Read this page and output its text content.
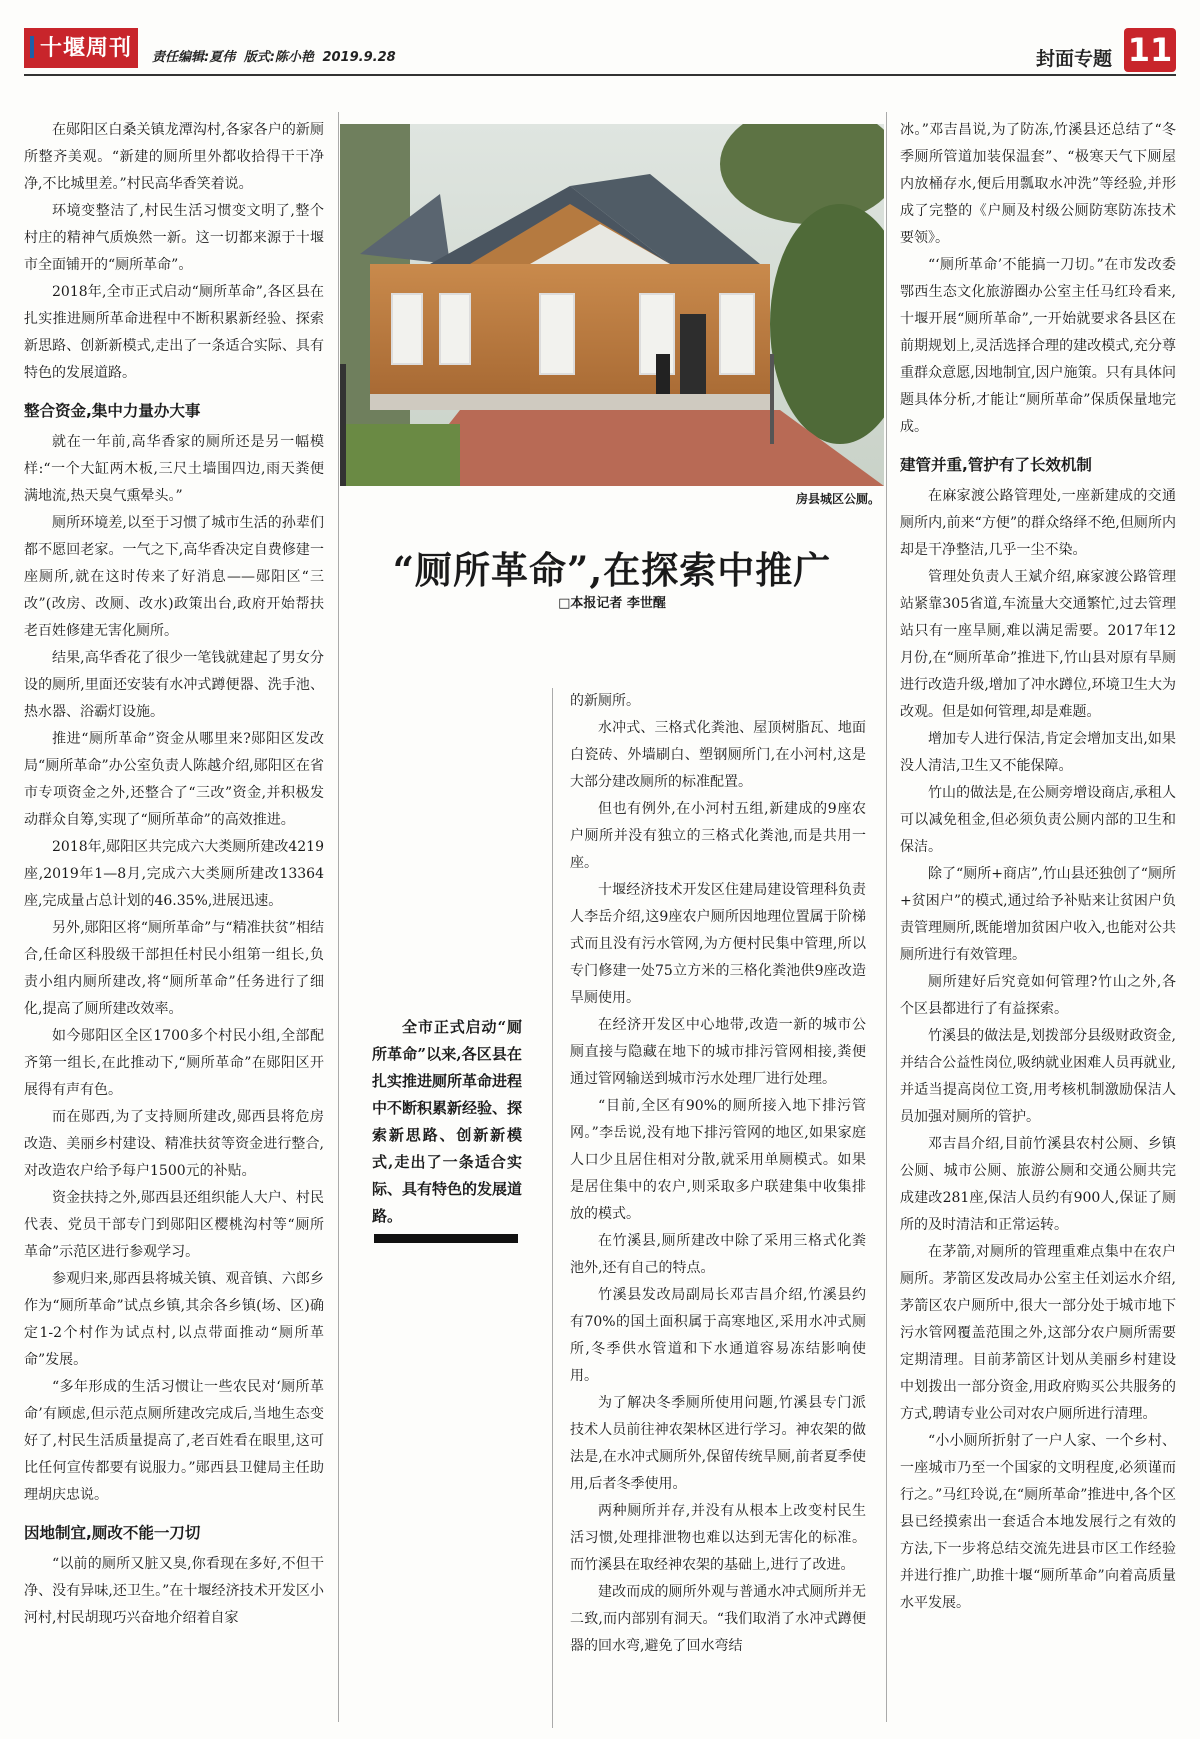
十堰周刊	责任编辑:夏伟 版式:陈小艳 2019.9.28	封面专题 11

在郧阳区白桑关镇龙潭沟村,各家各户的新厕所整齐美观。“新建的厕所里外都收拾得干干净净,不比城里差。”村民高华香笑着说。

环境变整洁了,村民生活习惯变文明了,整个村庄的精神气质焕然一新。这一切都来源于十堰市全面铺开的“厕所革命”。

2018年,全市正式启动“厕所革命”,各区县在扎实推进厕所革命进程中不断积累新经验、探索新思路、创新新模式,走出了一条适合实际、具有特色的发展道路。

整合资金,集中力量办大事

就在一年前,高华香家的厕所还是另一幅模样:“一个大缸两木板,三尺土墙围四边,雨天粪便满地流,热天臭气熏晕头。”

厕所环境差,以至于习惯了城市生活的孙辈们都不愿回老家。一气之下,高华香决定自费修建一座厕所,就在这时传来了好消息——郧阳区“三改”(改房、改厕、改水)政策出台,政府开始帮扶老百姓修建无害化厕所。

结果,高华香花了很少一笔钱就建起了男女分设的厕所,里面还安装有水冲式蹲便器、洗手池、热水器、浴霸灯设施。

推进“厕所革命”资金从哪里来?郧阳区发改局“厕所革命”办公室负责人陈越介绍,郧阳区在省市专项资金之外,还整合了“三改”资金,并积极发动群众自筹,实现了“厕所革命”的高效推进。

2018年,郧阳区共完成六大类厕所建改4219座,2019年1—8月,完成六大类厕所建改13364座,完成量占总计划的46.35%,进展迅速。

另外,郧阳区将“厕所革命”与“精准扶贫”相结合,任命区科股级干部担任村民小组第一组长,负责小组内厕所建改,将“厕所革命”任务进行了细化,提高了厕所建改效率。

如今郧阳区全区1700多个村民小组,全部配齐第一组长,在此推动下,“厕所革命”在郧阳区开展得有声有色。

而在郧西,为了支持厕所建改,郧西县将危房改造、美丽乡村建设、精准扶贫等资金进行整合,对改造农户给予每户1500元的补贴。

资金扶持之外,郧西县还组织能人大户、村民代表、党员干部专门到郧阳区樱桃沟村等“厕所革命”示范区进行参观学习。

参观归来,郧西县将城关镇、观音镇、六郎乡作为“厕所革命”试点乡镇,其余各乡镇(场、区)确定1-2个村作为试点村,以点带面推动“厕所革命”发展。

“多年形成的生活习惯让一些农民对‘厕所革命’有顾虑,但示范点厕所建改完成后,当地生态变好了,村民生活质量提高了,老百姓看在眼里,这可比任何宣传都要有说服力。”郧西县卫健局主任助理胡庆忠说。

因地制宜,厕改不能一刀切

“以前的厕所又脏又臭,你看现在多好,不但干净、没有异味,还卫生。”在十堰经济技术开发区小河村,村民胡现巧兴奋地介绍着自家

房县城区公厕。
“厕所革命”,在探索中推广
□本报记者 李世醒

全市正式启动“厕所革命”以来,各区县在扎实推进厕所革命进程中不断积累新经验、探索新思路、创新新模式,走出了一条适合实际、具有特色的发展道路。

的新厕所。

水冲式、三格式化粪池、屋顶树脂瓦、地面白瓷砖、外墙刷白、塑钢厕所门,在小河村,这是大部分建改厕所的标准配置。

但也有例外,在小河村五组,新建成的9座农户厕所并没有独立的三格式化粪池,而是共用一座。

十堰经济技术开发区住建局建设管理科负责人李岳介绍,这9座农户厕所因地理位置属于阶梯式而且没有污水管网,为方便村民集中管理,所以专门修建一处75立方米的三格化粪池供9座改造旱厕使用。

在经济开发区中心地带,改造一新的城市公厕直接与隐藏在地下的城市排污管网相接,粪便通过管网输送到城市污水处理厂进行处理。

“目前,全区有90%的厕所接入地下排污管网。”李岳说,没有地下排污管网的地区,如果家庭人口少且居住相对分散,就采用单厕模式。如果是居住集中的农户,则采取多户联建集中收集排放的模式。

在竹溪县,厕所建改中除了采用三格式化粪池外,还有自己的特点。

竹溪县发改局副局长邓吉昌介绍,竹溪县约有70%的国土面积属于高寒地区,采用水冲式厕所,冬季供水管道和下水通道容易冻结影响使用。

为了解决冬季厕所使用问题,竹溪县专门派技术人员前往神农架林区进行学习。神农架的做法是,在水冲式厕所外,保留传统旱厕,前者夏季使用,后者冬季使用。

两种厕所并存,并没有从根本上改变村民生活习惯,处理排泄物也难以达到无害化的标准。而竹溪县在取经神农架的基础上,进行了改进。

建改而成的厕所外观与普通水冲式厕所并无二致,而内部别有洞天。“我们取消了水冲式蹲便器的回水弯,避免了回水弯结

冰。”邓吉昌说,为了防冻,竹溪县还总结了“冬季厕所管道加装保温套”、“极寒天气下厕屋内放桶存水,便后用瓢取水冲洗”等经验,并形成了完整的《户厕及村级公厕防寒防冻技术要领》。

“‘厕所革命’不能搞一刀切。”在市发改委鄂西生态文化旅游圈办公室主任马红玲看来,十堰开展“厕所革命”,一开始就要求各县区在前期规划上,灵活选择合理的建改模式,充分尊重群众意愿,因地制宜,因户施策。只有具体问题具体分析,才能让“厕所革命”保质保量地完成。

建管并重,管护有了长效机制

在麻家渡公路管理处,一座新建成的交通厕所内,前来“方便”的群众络绎不绝,但厕所内却是干净整洁,几乎一尘不染。

管理处负责人王斌介绍,麻家渡公路管理站紧靠305省道,车流量大交通繁忙,过去管理站只有一座旱厕,难以满足需要。2017年12月份,在“厕所革命”推进下,竹山县对原有旱厕进行改造升级,增加了冲水蹲位,环境卫生大为改观。但是如何管理,却是难题。

增加专人进行保洁,肯定会增加支出,如果没人清洁,卫生又不能保障。

竹山的做法是,在公厕旁增设商店,承租人可以减免租金,但必须负责公厕内部的卫生和保洁。

除了“厕所+商店”,竹山县还独创了“厕所+贫困户”的模式,通过给予补贴来让贫困户负责管理厕所,既能增加贫困户收入,也能对公共厕所进行有效管理。

厕所建好后究竟如何管理?竹山之外,各个区县都进行了有益探索。

竹溪县的做法是,划拨部分县级财政资金,并结合公益性岗位,吸纳就业困难人员再就业,并适当提高岗位工资,用考核机制激励保洁人员加强对厕所的管护。

邓吉昌介绍,目前竹溪县农村公厕、乡镇公厕、城市公厕、旅游公厕和交通公厕共完成建改281座,保洁人员约有900人,保证了厕所的及时清洁和正常运转。

在茅箭,对厕所的管理重难点集中在农户厕所。茅箭区发改局办公室主任刘运水介绍,茅箭区农户厕所中,很大一部分处于城市地下污水管网覆盖范围之外,这部分农户厕所需要定期清理。目前茅箭区计划从美丽乡村建设中划拨出一部分资金,用政府购买公共服务的方式,聘请专业公司对农户厕所进行清理。

“小小厕所折射了一户人家、一个乡村、一座城市乃至一个国家的文明程度,必须谨而行之。”马红玲说,在“厕所革命”推进中,各个区县已经摸索出一套适合本地发展行之有效的方法,下一步将总结交流先进县市区工作经验并进行推广,助推十堰“厕所革命”向着高质量水平发展。
